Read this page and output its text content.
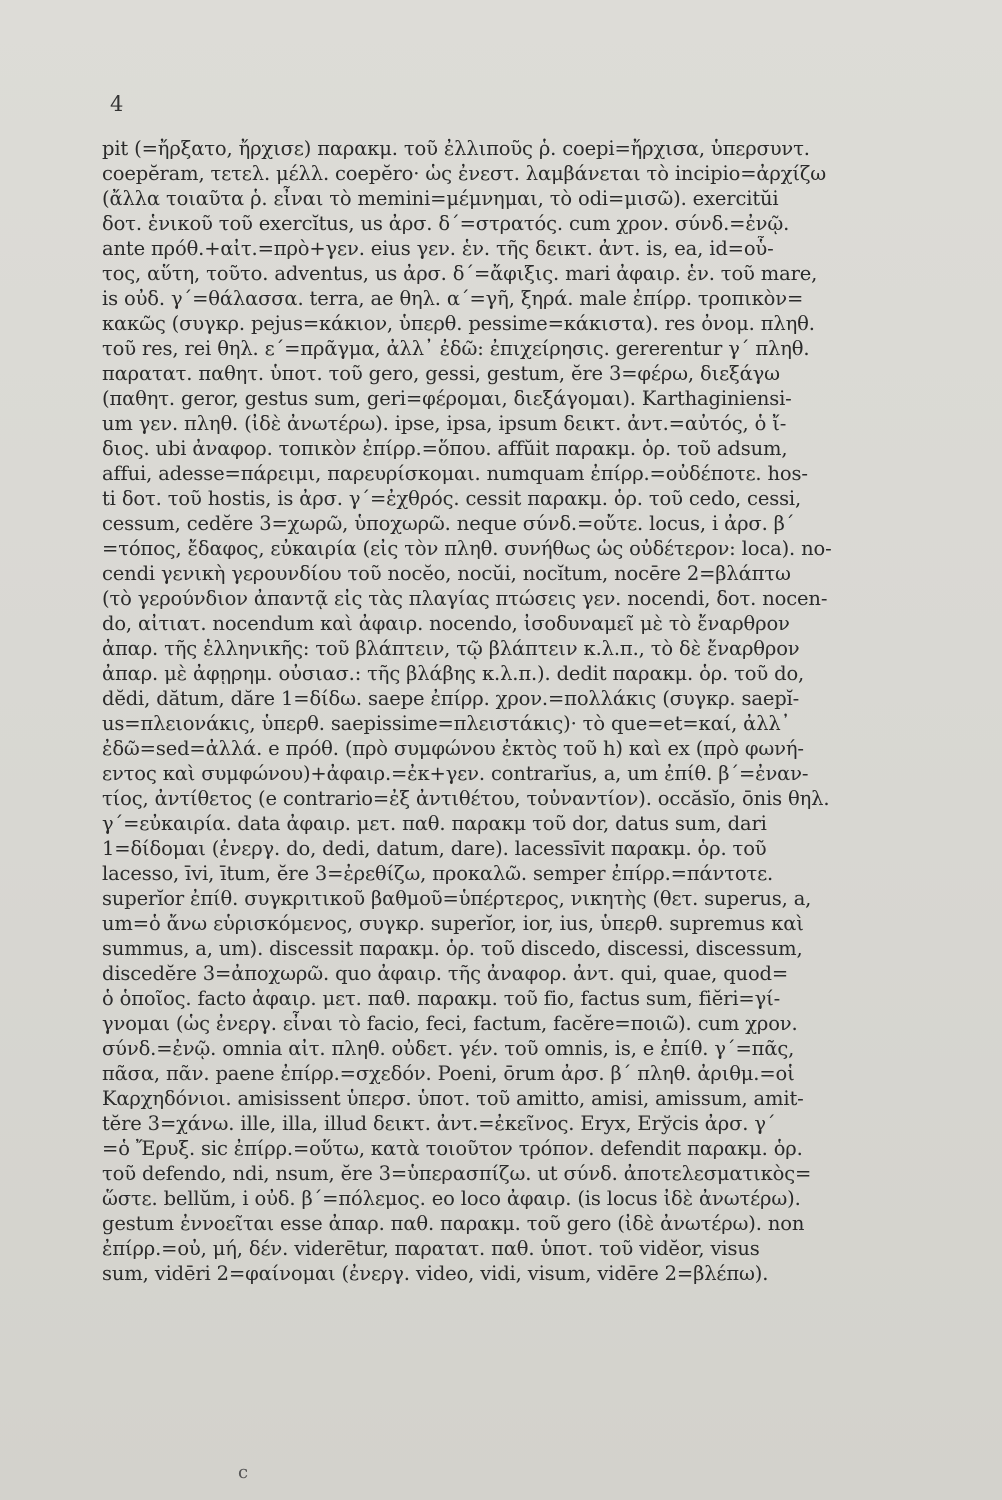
4
pit (=ἤρξατο, ἤρχισε) παρακμ. τοῦ ἐλλιποῦς ῥ. coepi=ἤρχισα, ὑπερσυντ.
coepĕram, τετελ. μέλλ. coepĕro· ὡς ἐνεστ. λαμβάνεται τὸ incipio=ἀρχίζω
(ἄλλα τοιαῦτα ῥ. εἶναι τὸ memini=μέμνημαι, τὸ odi=μισῶ). exercitŭi
δοτ. ἑνικοῦ τοῦ exercĭtus, us ἀρσ. δ΄=στρατός. cum χρον. σύνδ.=ἐνῷ.
ante πρόθ.+αἰτ.=πρὸ+γεν. eius γεν. ἑν. τῆς δεικτ. ἀντ. is, ea, id=οὗ-
τος, αὕτη, τοῦτο. adventus, us ἀρσ. δ΄=ἄφιξις. mari ἀφαιρ. ἑν. τοῦ mare,
is οὐδ. γ΄=θάλασσα. terra, ae θηλ. α΄=γῆ, ξηρά. male ἐπίρρ. τροπικὸν=
κακῶς (συγκρ. pejus=κάκιον, ὑπερθ. pessime=κάκιστα). res ὀνομ. πληθ.
τοῦ res, rei θηλ. ε΄=πρᾶγμα, ἀλλ᾽ ἐδῶ: ἐπιχείρησις. gererentur γ΄ πληθ.
παρατατ. παθητ. ὑποτ. τοῦ gero, gessi, gestum, ĕre 3=φέρω, διεξάγω
(παθητ. geror, gestus sum, geri=φέρομαι, διεξάγομαι). Karthaginiensi-
um γεν. πληθ. (ἰδὲ ἀνωτέρω). ipse, ipsa, ipsum δεικτ. ἀντ.=αὐτός, ὁ ἴ-
διος. ubi ἀναφορ. τοπικὸν ἐπίρρ.=ὅπου. affŭit παρακμ. ὁρ. τοῦ adsum,
affui, adesse=πάρειμι, παρευρίσκομαι. numquam ἐπίρρ.=οὐδέποτε. hos-
ti δοτ. τοῦ hostis, is ἀρσ. γ΄=ἐχθρός. cessit παρακμ. ὁρ. τοῦ cedo, cessi,
cessum, cedĕre 3=χωρῶ, ὑποχωρῶ. neque σύνδ.=οὔτε. locus, i ἀρσ. β΄
=τόπος, ἔδαφος, εὐκαιρία (εἰς τὸν πληθ. συνήθως ὡς οὐδέτερον: loca). no-
cendi γενικὴ γερουνδίου τοῦ nocĕo, nocŭi, nocĭtum, nocēre 2=βλάπτω
(τὸ γερούνδιον ἀπαντᾷ εἰς τὰς πλαγίας πτώσεις γεν. nocendi, δοτ. nocen-
do, αἰτιατ. nocendum καὶ ἀφαιρ. nocendo, ἰσοδυναμεῖ μὲ τὸ ἔναρθρον
ἀπαρ. τῆς ἑλληνικῆς: τοῦ βλάπτειν, τῷ βλάπτειν κ.λ.π., τὸ δὲ ἔναρθρον
ἀπαρ. μὲ ἀφῃρημ. οὐσιασ.: τῆς βλάβης κ.λ.π.). dedit παρακμ. ὁρ. τοῦ do,
dĕdi, dătum, dăre 1=δίδω. saepe ἐπίρρ. χρον.=πολλάκις (συγκρ. saepĭ-
us=πλειονάκις, ὑπερθ. saepissime=πλειστάκις)· τὸ que=et=καί, ἀλλ᾽
ἐδῶ=sed=ἀλλά. e πρόθ. (πρὸ συμφώνου ἐκτὸς τοῦ h) καὶ ex (πρὸ φωνή-
εντος καὶ συμφώνου)+ἀφαιρ.=ἐκ+γεν. contrarĭus, a, um ἐπίθ. β΄=ἐναν-
τίος, ἀντίθετος (e contrario=ἐξ ἀντιθέτου, τοὐναντίον). occăsĭo, ōnis θηλ.
γ΄=εὐκαιρία. data ἀφαιρ. μετ. παθ. παρακμ τοῦ dor, datus sum, dari
1=δίδομαι (ἐνεργ. do, dedi, datum, dare). lacessīvit παρακμ. ὁρ. τοῦ
lacesso, īvi, ītum, ĕre 3=ἐρεθίζω, προκαλῶ. semper ἐπίρρ.=πάντοτε.
superĭor ἐπίθ. συγκριτικοῦ βαθμοῦ=ὑπέρτερος, νικητὴς (θετ. superus, a,
um=ὁ ἄνω εὑρισκόμενος, συγκρ. superĭor, ior, ius, ὑπερθ. supremus καὶ
summus, a, um). discessit παρακμ. ὁρ. τοῦ discedo, discessi, discessum,
discedĕre 3=ἀποχωρῶ. quo ἀφαιρ. τῆς ἀναφορ. ἀντ. qui, quae, quod=
ὁ ὁποῖος. facto ἀφαιρ. μετ. παθ. παρακμ. τοῦ fio, factus sum, fiĕri=γί-
γνομαι (ὡς ἐνεργ. εἶναι τὸ facio, feci, factum, facĕre=ποιῶ). cum χρον.
σύνδ.=ἐνῷ. omnia αἰτ. πληθ. οὐδετ. γέν. τοῦ omnis, is, e ἐπίθ. γ΄=πᾶς,
πᾶσα, πᾶν. paene ἐπίρρ.=σχεδόν. Poeni, ōrum ἀρσ. β΄ πληθ. ἀριθμ.=οἱ
Καρχηδόνιοι. amisissent ὑπερσ. ὑποτ. τοῦ amitto, amisi, amissum, amit-
tĕre 3=χάνω. ille, illa, illud δεικτ. ἀντ.=ἐκεῖνος. Eryx, Erўcis ἀρσ. γ΄
=ὁ Ἔρυξ. sic ἐπίρρ.=οὕτω, κατὰ τοιοῦτον τρόπον. defendit παρακμ. ὁρ.
τοῦ defendo, ndi, nsum, ĕre 3=ὑπερασπίζω. ut σύνδ. ἀποτελεσματικὸς=
ὥστε. bellŭm, i οὐδ. β΄=πόλεμος. eo loco ἀφαιρ. (is locus ἰδὲ ἀνωτέρω).
gestum ἐννοεῖται esse ἀπαρ. παθ. παρακμ. τοῦ gero (ἰδὲ ἀνωτέρω). non
ἐπίρρ.=οὐ, μή, δέν. viderētur, παρατατ. παθ. ὑποτ. τοῦ vidĕor, visus
sum, vidēri 2=φαίνομαι (ἐνεργ. video, vidi, visum, vidēre 2=βλέπω).
c
